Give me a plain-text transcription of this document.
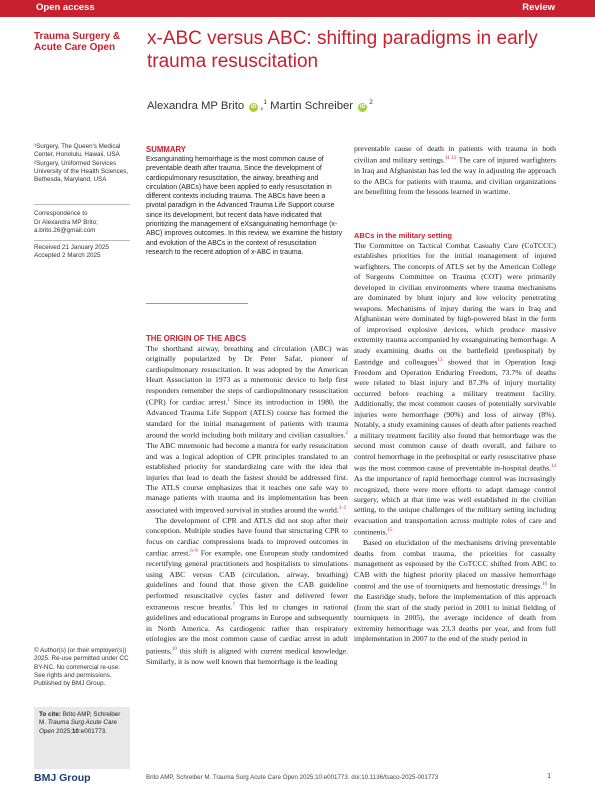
Open access	Review
Trauma Surgery & Acute Care Open	x-ABC versus ABC: shifting paradigms in early trauma resuscitation
Alexandra MP Brito iD ,$^1$ Martin Schreiber $iD^2$
¹Surgery, The Queen's Medical Center, Honolulu, Hawaii, USA ²Surgery, Uniformed Services University of the Health Sciences, Bethesda, Maryland, USA
Correspondence to
Dr Alexandra MP Brito; a.brito.26@gmail.com
Received 21 January 2025 Accepted 2 March 2025
© Author(s) (or their employer(s)) 2025. Re-use permitted under CC BY-NC. No commercial re-use. See rights and permissions. Published by BMJ Group.
To cite: Brito AMP, Schreiber M. Trauma Surg Acute Care Open 2025;10:e001773.
SUMMARY
Exsanguinating hemorrhage is the most common cause of preventable death after trauma. Since the development of cardiopulmonary resuscitation, the airway, breathing and circulation (ABCs) have been applied to early resuscitation in different contexts including trauma. The ABCs have been a pivotal paradigm in the Advanced Trauma Life Support course since its development, but recent data have indicated that prioritizing the management of eXsanguinating hemorrhage (x-ABC) improves outcomes. In this review, we examine the history and evolution of the ABCs in the context of resuscitation research to the recent adoption of x-ABC in trauma.
THE ORIGIN OF THE ABCS

The shorthand airway, breathing and circulation (ABC) was originally popularized by Dr Peter Safar, pioneer of cardiopulmonary resuscitation. It was adopted by the American Heart Association in 1973 as a mnemonic device to help first responders remember the steps of cardiopulmonary resuscitation (CPR) for cardiac arrest.$^1$ Since its introduction in 1980, the Advanced Trauma Life Support (ATLS) course has formed the standard for the initial management of patients with trauma around the world including both military and civilian casualties.$^2$ The ABC mnemonic had become a mantra for early resuscitation and was a logical adoption of CPR principles translated to an established priority for standardizing care with the idea that injuries that lead to death the fastest should be addressed first. The ATLS course emphasizes that it teaches one safe way to manage patients with trauma and its implementation has been associated with improved survival in studies around the world.$^{3-5}$

The development of CPR and ATLS did not stop after their conception. Multiple studies have found that structuring CPR to focus on cardiac compressions leads to improved outcomes in cardiac arrest.$^{6-9}$ For example, one European study randomized recertifying general practitioners and hospitalists to simulations using ABC versus CAB (circulation, airway, breathing) guidelines and found that those given the CAB guideline performed resuscitative cycles faster and delivered fewer extraneous rescue breaths.$^7$ This led to changes in national guidelines and educational programs in Europe and subsequently in North America. As cardiogenic rather than respiratory etiologies are the most common cause of cardiac arrest in adult patients,$^{10}$ this shift is aligned with current medical knowledge. Similarly, it is now well known that hemorrhage is the leading

preventable cause of death in patients with trauma in both civilian and military settings.$^{11 12}$ The care of injured warfighters in Iraq and Afghanistan has led the way in adjusting the approach to the ABCs for patients with trauma, and civilian organizations are benefiting from the lessons learned in wartime.

ABCs in the military setting

The Committee on Tactical Combat Casualty Care (CoTCCC) establishes priorities for the initial management of injured warfighters. The concepts of ATLS set by the American College of Surgeons Committee on Trauma (COT) were primarily developed in civilian environments where trauma mechanisms are dominated by blunt injury and low velocity penetrating weapons. Mechanisms of injury during the wars in Iraq and Afghanistan were dominated by high-powered blast in the form of improvised explosive devices, which produce massive extremity trauma accompanied by exsanguinating hemorrhage. A study examining deaths on the battlefield (prehospital) by Eastridge and colleagues$^{13}$ showed that in Operation Iraqi Freedom and Operation Enduring Freedom, 73.7% of deaths were related to blast injury and 87.3% of injury mortality occurred before reaching a military treatment facility. Additionally, the most common causes of potentially survivable injuries were hemorrhage (90%) and loss of airway (8%). Notably, a study examining causes of death after patients reached a military treatment facility also found that hemorrhage was the second most common cause of death overall, and failure to control hemorrhage in the prehospital or early resuscitative phase was the most common cause of preventable in-hospital deaths.$^{14}$ As the importance of rapid hemorrhage control was increasingly recognized, there were more efforts to adapt damage control surgery, which at that time was well established in the civilian setting, to the unique challenges of the military setting including evacuation and transportation across multiple roles of care and continents.$^{15}$

Based on elucidation of the mechanisms driving preventable deaths from combat trauma, the priorities for casualty management as espoused by the CoTCCC shifted from ABC to CAB with the highest priority placed on massive hemorrhage control and the use of tourniquets and hemostatic dressings.$^{16}$ In the Eastridge study, before the implementation of this approach (from the start of the study period in 2001 to initial fielding of tourniquets in 2005), the average incidence of death from extremity hemorrhage was 23.3 deaths per year, and from full implementation in 2007 to the end of the study period in

BMJ Group	Brito AMP, Schreiber M. Trauma Surg Acute Care Open 2025;10:e001773. doi:10.1136/tsaco-2025-001773	1
